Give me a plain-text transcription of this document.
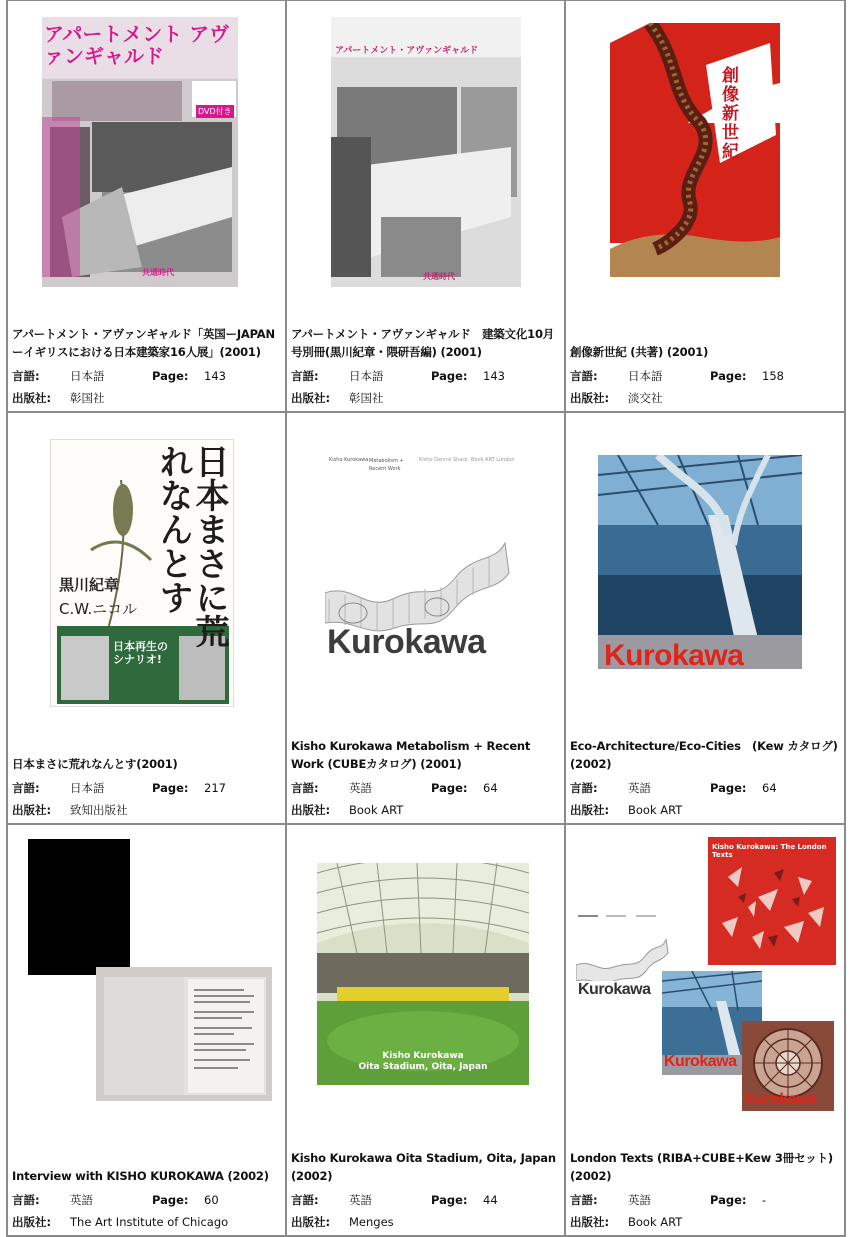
アパートメント アヴァンギャルド
DVD付き
共通時代
アパートメント・アヴァンギャルド「英国ーJAPANーイギリスにおける日本建築家16人展」(2001)
言語:	日本語	Page:	143
出版社:	彰国社
アパートメント・アヴァンギャルド
共通時代
アパートメント・アヴァンギャルド　建築文化10月号別冊(黒川紀章・隈研吾編) (2001)
言語:	日本語	Page:	143
出版社:	彰国社
創像新世紀
創像新世紀 (共著) (2001)
言語:	日本語	Page:	158
出版社:	淡交社
日本まさに荒れなんとす
黒川紀章
C.W.ニコル
日本再生のシナリオ!
日本まさに荒れなんとす(2001)
言語:	日本語	Page:	217
出版社:	致知出版社
Kisho Kurokawa Metabolism + Recent Work
Kisho Dennis Sharp Book ART London
Kurokawa
Kisho Kurokawa Metabolism + Recent Work (CUBEカタログ) (2001)
言語:	英語	Page:	64
出版社:	Book ART
Kurokawa
Eco-Architecture/Eco-Cities　(Kew カタログ) (2002)
言語:	英語	Page:	64
出版社:	Book ART
Interview with KISHO KUROKAWA (2002)
言語:	英語	Page:	60
出版社:	The Art Institute of Chicago
Kisho Kurokawa
Oita Stadium, Oita, Japan
Kisho Kurokawa Oita Stadium, Oita, Japan (2002)
言語:	英語	Page:	44
出版社:	Menges
Kisho Kurokawa: The London Texts
Kurokawa
Kurokawa
Kurokawa
London Texts (RIBA+CUBE+Kew 3冊セット) (2002)
言語:	英語	Page:	-
出版社:	Book ART
